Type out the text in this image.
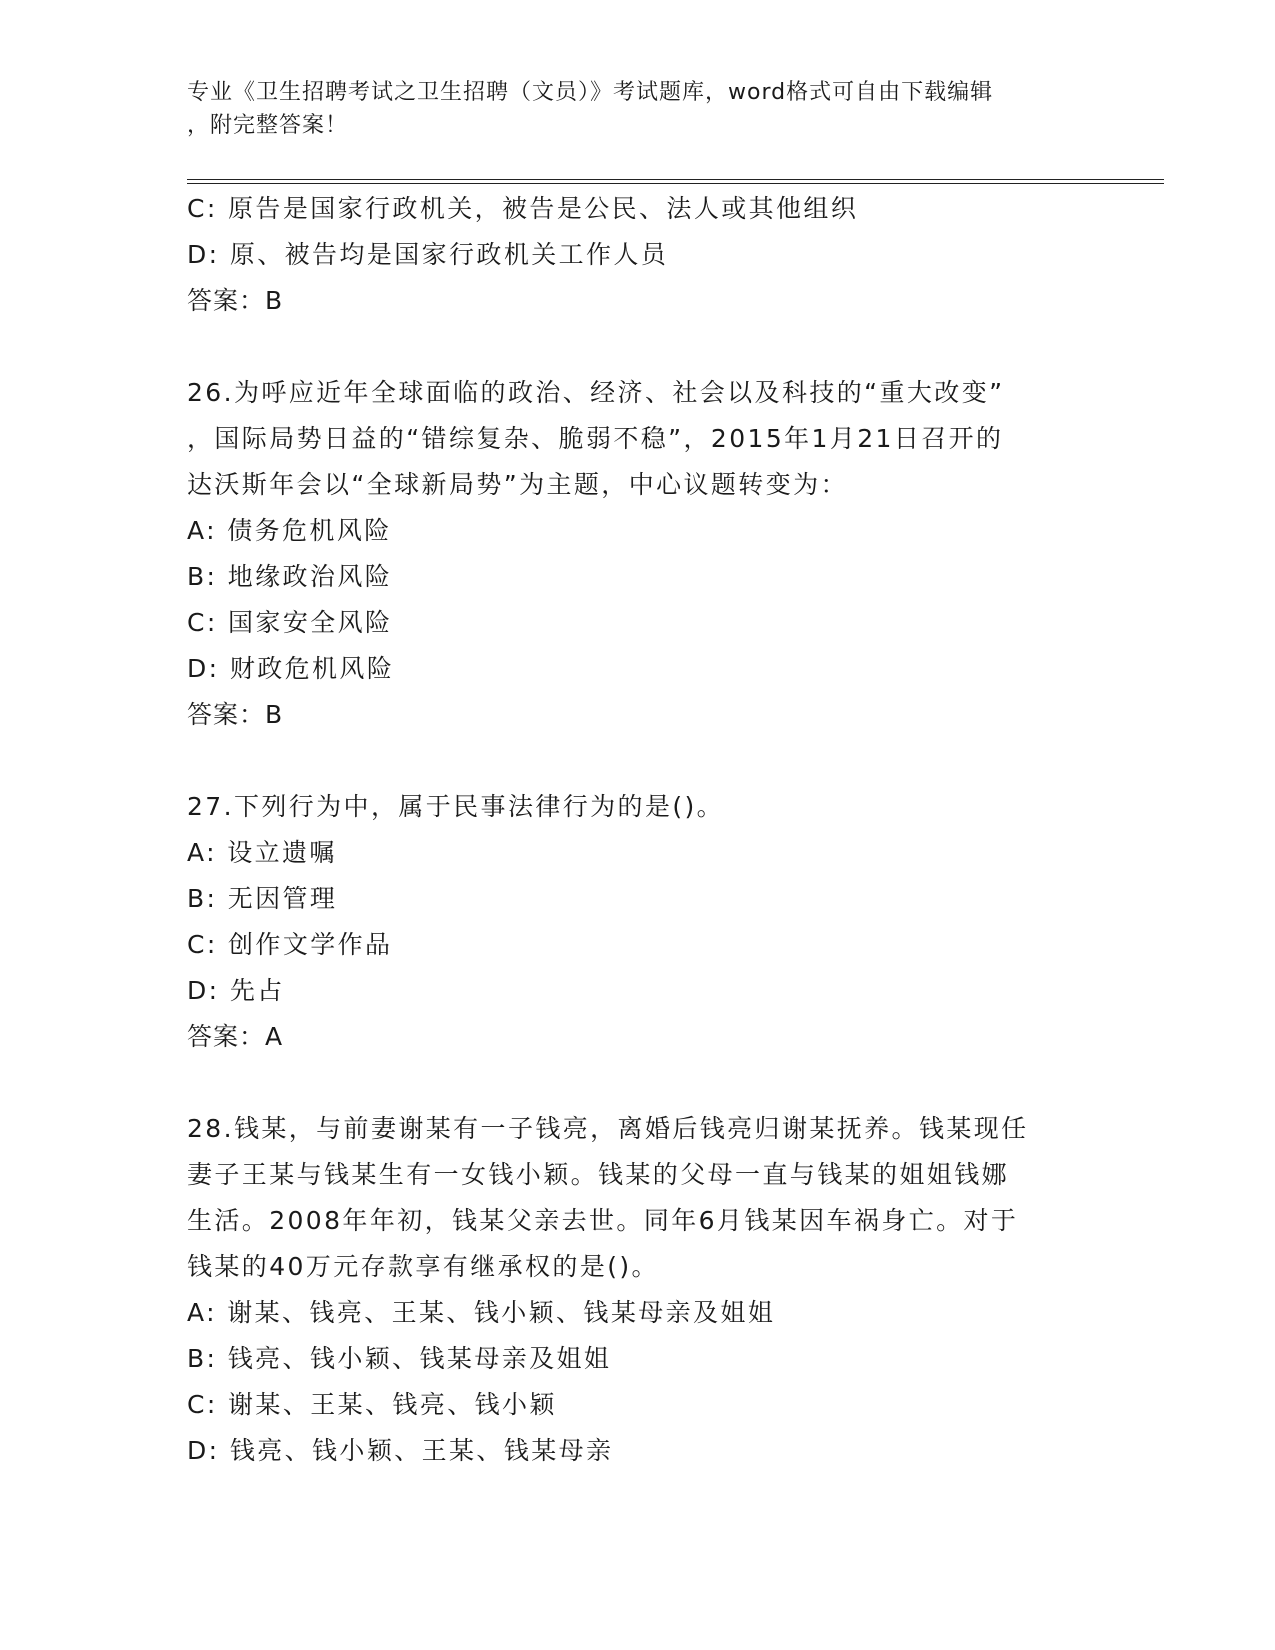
专业《卫生招聘考试之卫生招聘（文员）》考试题库，word格式可自由下载编辑
，附完整答案！
C: 原告是国家行政机关，被告是公民、法人或其他组织
D: 原、被告均是国家行政机关工作人员
答案：B
26.为呼应近年全球面临的政治、经济、社会以及科技的“重大改变”
，国际局势日益的“错综复杂、脆弱不稳”，2015年1月21日召开的
达沃斯年会以“全球新局势”为主题，中心议题转变为：
A: 债务危机风险
B: 地缘政治风险
C: 国家安全风险
D: 财政危机风险
答案：B
27.下列行为中，属于民事法律行为的是()。
A: 设立遗嘱
B: 无因管理
C: 创作文学作品
D: 先占
答案：A
28.钱某，与前妻谢某有一子钱亮，离婚后钱亮归谢某抚养。钱某现任
妻子王某与钱某生有一女钱小颖。钱某的父母一直与钱某的姐姐钱娜
生活。2008年年初，钱某父亲去世。同年6月钱某因车祸身亡。对于
钱某的40万元存款享有继承权的是()。
A: 谢某、钱亮、王某、钱小颖、钱某母亲及姐姐
B: 钱亮、钱小颖、钱某母亲及姐姐
C: 谢某、王某、钱亮、钱小颖
D: 钱亮、钱小颖、王某、钱某母亲
